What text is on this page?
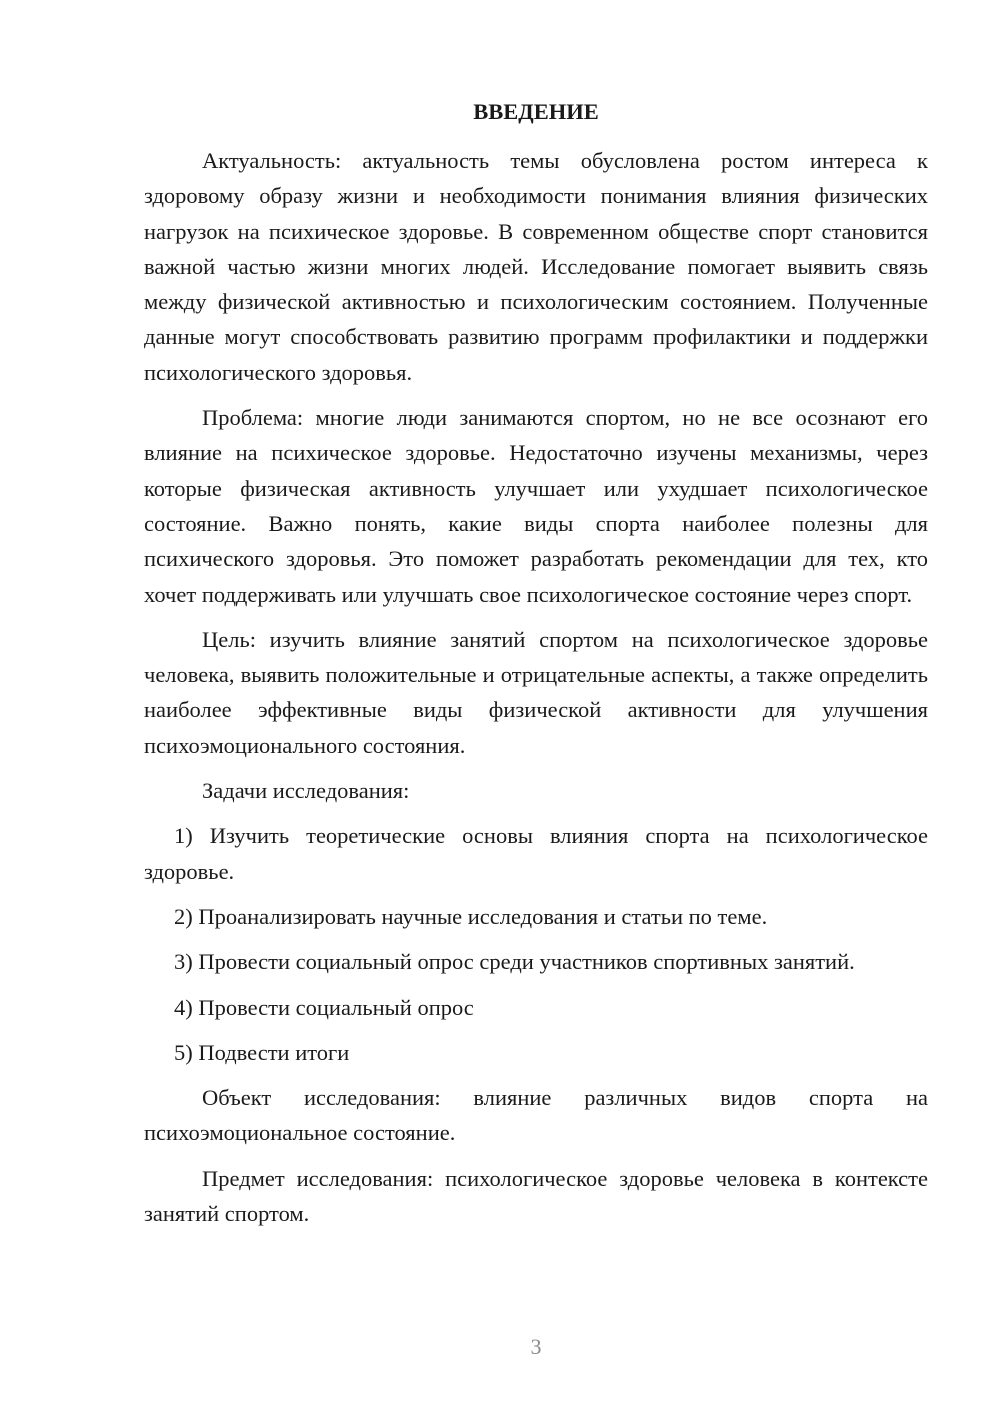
ВВЕДЕНИЕ

Актуальность: актуальность темы обусловлена ростом интереса к здоровому образу жизни и необходимости понимания влияния физических нагрузок на психическое здоровье. В современном обществе спорт становится важной частью жизни многих людей. Исследование помогает выявить связь между физической активностью и психологическим состоянием. Полученные данные могут способствовать развитию программ профилактики и поддержки психологического здоровья.

Проблема: многие люди занимаются спортом, но не все осознают его влияние на психическое здоровье. Недостаточно изучены механизмы, через которые физическая активность улучшает или ухудшает психологическое состояние. Важно понять, какие виды спорта наиболее полезны для психического здоровья. Это поможет разработать рекомендации для тех, кто хочет поддерживать или улучшать свое психологическое состояние через спорт.

Цель: изучить влияние занятий спортом на психологическое здоровье человека, выявить положительные и отрицательные аспекты, а также определить наиболее эффективные виды физической активности для улучшения психоэмоционального состояния.

Задачи исследования:

1) Изучить теоретические основы влияния спорта на психологическое здоровье.

2) Проанализировать научные исследования и статьи по теме.

3) Провести социальный опрос среди участников спортивных занятий.

4) Провести социальный опрос

5) Подвести итоги

Объект исследования: влияние различных видов спорта на психоэмоциональное состояние.

Предмет исследования: психологическое здоровье человека в контексте занятий спортом.

3
